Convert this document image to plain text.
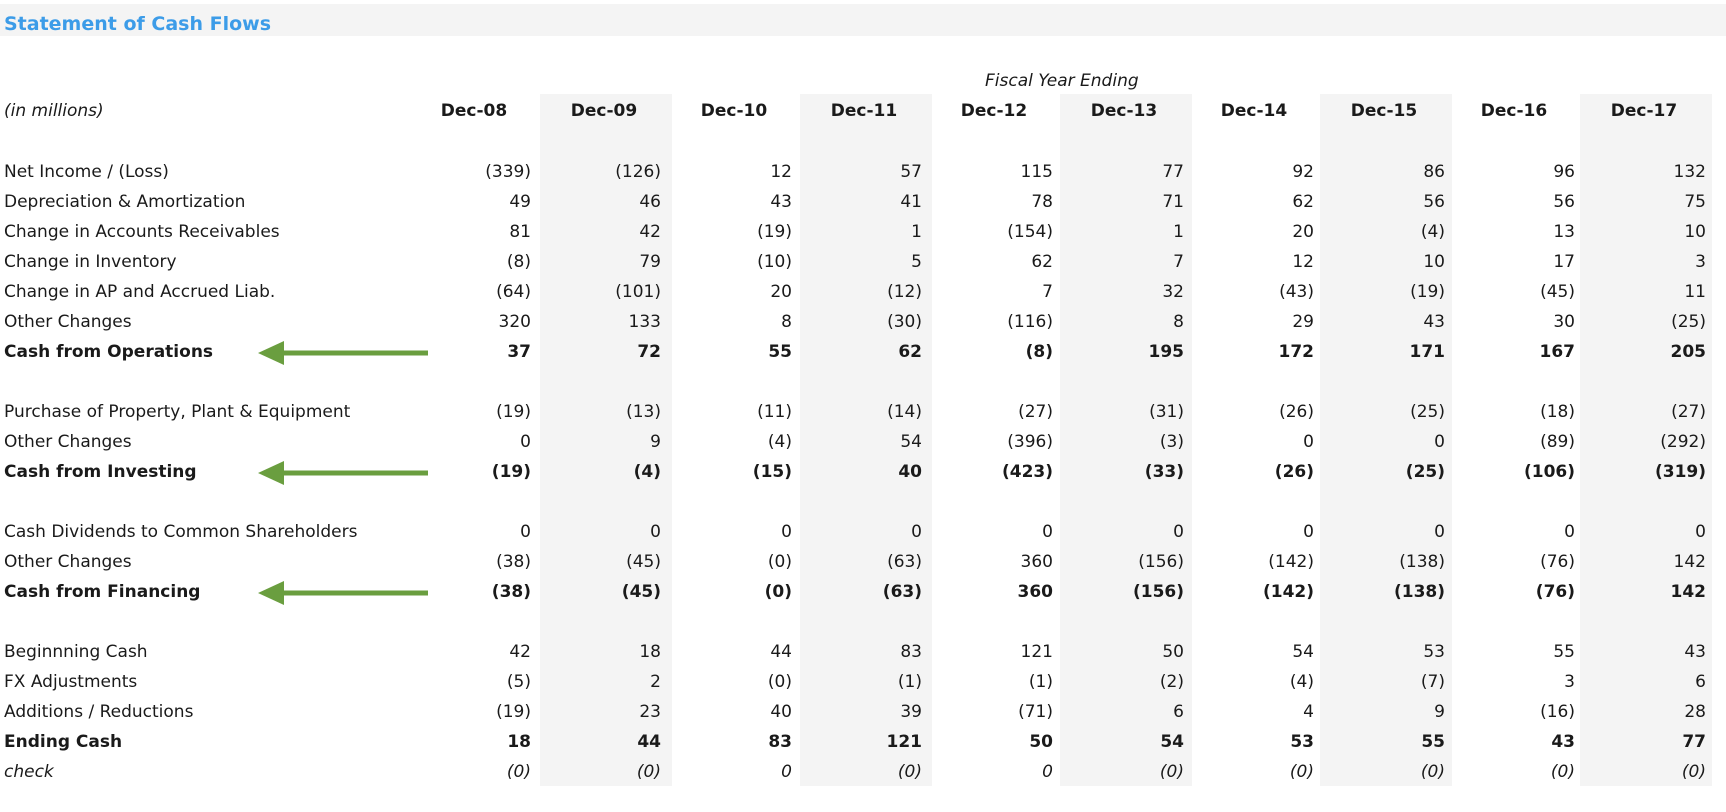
Statement of Cash Flows
Fiscal Year Ending
(in millions)	Dec-08	Dec-09	Dec-10	Dec-11	Dec-12	Dec-13	Dec-14	Dec-15	Dec-16	Dec-17
Net Income / (Loss)	(339)	(126)	12	57	115	77	92	86	96	132
Depreciation & Amortization	49	46	43	41	78	71	62	56	56	75
Change in Accounts Receivables	81	42	(19)	1	(154)	1	20	(4)	13	10
Change in Inventory	(8)	79	(10)	5	62	7	12	10	17	3
Change in AP and Accrued Liab.	(64)	(101)	20	(12)	7	32	(43)	(19)	(45)	11
Other Changes	320	133	8	(30)	(116)	8	29	43	30	(25)
Cash from Operations	37	72	55	62	(8)	195	172	171	167	205
Purchase of Property, Plant & Equipment	(19)	(13)	(11)	(14)	(27)	(31)	(26)	(25)	(18)	(27)
Other Changes	0	9	(4)	54	(396)	(3)	0	0	(89)	(292)
Cash from Investing	(19)	(4)	(15)	40	(423)	(33)	(26)	(25)	(106)	(319)
Cash Dividends to Common Shareholders	0	0	0	0	0	0	0	0	0	0
Other Changes	(38)	(45)	(0)	(63)	360	(156)	(142)	(138)	(76)	142
Cash from Financing	(38)	(45)	(0)	(63)	360	(156)	(142)	(138)	(76)	142
Beginnning Cash	42	18	44	83	121	50	54	53	55	43
FX Adjustments	(5)	2	(0)	(1)	(1)	(2)	(4)	(7)	3	6
Additions / Reductions	(19)	23	40	39	(71)	6	4	9	(16)	28
Ending Cash	18	44	83	121	50	54	53	55	43	77
check	(0)	(0)	0	(0)	0	(0)	(0)	(0)	(0)	(0)
